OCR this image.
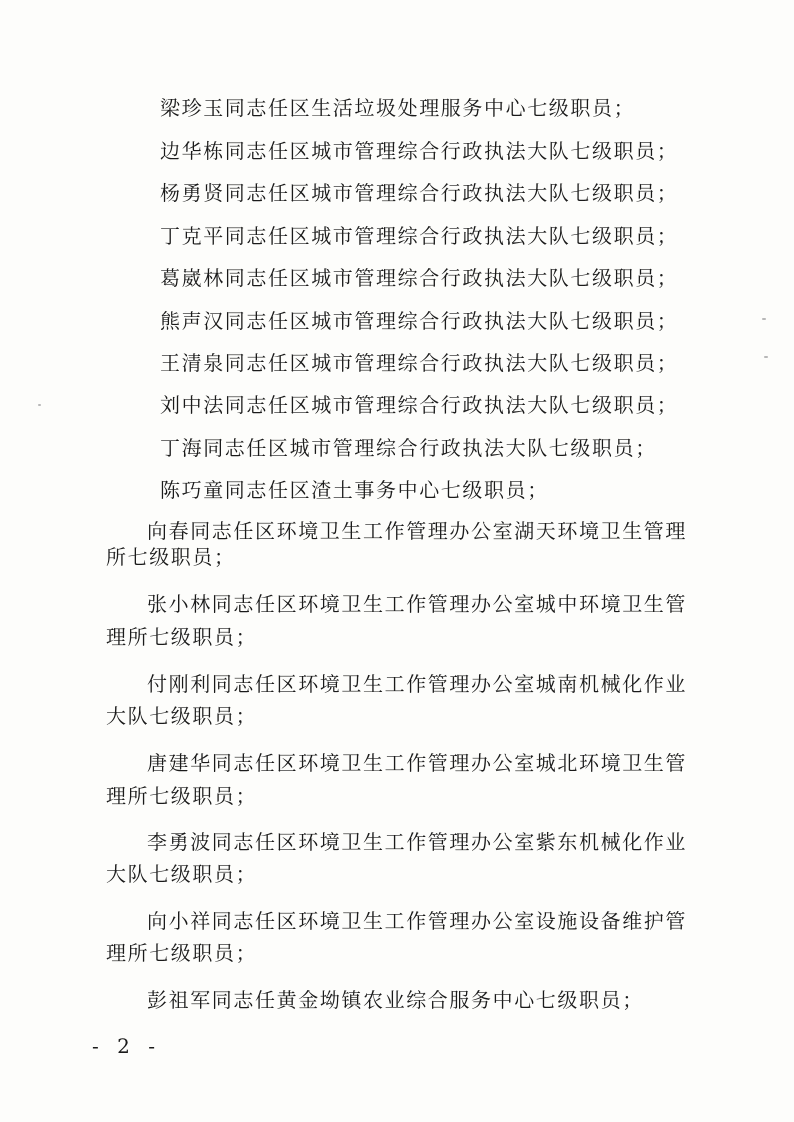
梁珍玉同志任区生活垃圾处理服务中心七级职员；
边华栋同志任区城市管理综合行政执法大队七级职员；
杨勇贤同志任区城市管理综合行政执法大队七级职员；
丁克平同志任区城市管理综合行政执法大队七级职员；
葛崴林同志任区城市管理综合行政执法大队七级职员；
熊声汉同志任区城市管理综合行政执法大队七级职员；
王清泉同志任区城市管理综合行政执法大队七级职员；
刘中法同志任区城市管理综合行政执法大队七级职员；
丁海同志任区城市管理综合行政执法大队七级职员；
陈巧童同志任区渣土事务中心七级职员；
向春同志任区环境卫生工作管理办公室湖天环境卫生管理
所七级职员；
张小林同志任区环境卫生工作管理办公室城中环境卫生管
理所七级职员；
付刚利同志任区环境卫生工作管理办公室城南机械化作业
大队七级职员；
唐建华同志任区环境卫生工作管理办公室城北环境卫生管
理所七级职员；
李勇波同志任区环境卫生工作管理办公室紫东机械化作业
大队七级职员；
向小祥同志任区环境卫生工作管理办公室设施设备维护管
理所七级职员；
彭祖军同志任黄金坳镇农业综合服务中心七级职员；
- 2 -
